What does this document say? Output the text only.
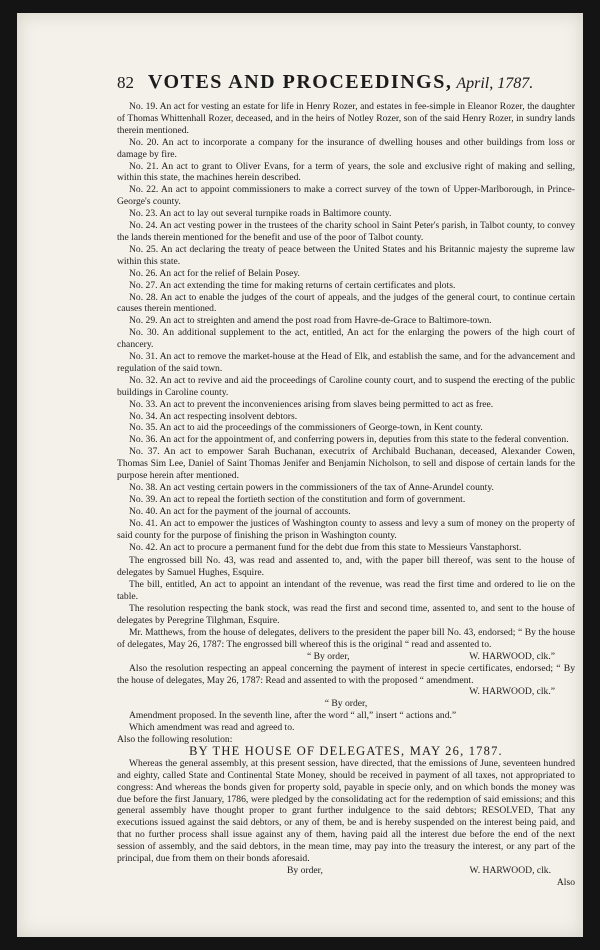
82 VOTES AND PROCEEDINGS, April, 1787.

No. 19. An act for vesting an estate for life in Henry Rozer, and estates in fee-simple in Eleanor Rozer, the daughter of Thomas Whittenhall Rozer, deceased, and in the heirs of Notley Rozer, son of the said Henry Rozer, in sundry lands therein mentioned.

No. 20. An act to incorporate a company for the insurance of dwelling houses and other buildings from loss or damage by fire.

No. 21. An act to grant to Oliver Evans, for a term of years, the sole and exclusive right of making and selling, within this state, the machines herein described.

No. 22. An act to appoint commissioners to make a correct survey of the town of Upper-Marlborough, in Prince-George's county.

No. 23. An act to lay out several turnpike roads in Baltimore county.

No. 24. An act vesting power in the trustees of the charity school in Saint Peter's parish, in Talbot county, to convey the lands therein mentioned for the benefit and use of the poor of Talbot county.

No. 25. An act declaring the treaty of peace between the United States and his Britannic majesty the supreme law within this state.

No. 26. An act for the relief of Belain Posey.

No. 27. An act extending the time for making returns of certain certificates and plots.

No. 28. An act to enable the judges of the court of appeals, and the judges of the general court, to continue certain causes therein mentioned.

No. 29. An act to streighten and amend the post road from Havre-de-Grace to Baltimore-town.

No. 30. An additional supplement to the act, entitled, An act for the enlarging the powers of the high court of chancery.

No. 31. An act to remove the market-house at the Head of Elk, and establish the same, and for the advancement and regulation of the said town.

No. 32. An act to revive and aid the proceedings of Caroline county court, and to suspend the erecting of the public buildings in Caroline county.

No. 33. An act to prevent the inconveniences arising from slaves being permitted to act as free.

No. 34. An act respecting insolvent debtors.

No. 35. An act to aid the proceedings of the commissioners of George-town, in Kent county.

No. 36. An act for the appointment of, and conferring powers in, deputies from this state to the federal convention.

No. 37. An act to empower Sarah Buchanan, executrix of Archibald Buchanan, deceased, Alexander Cowen, Thomas Sim Lee, Daniel of Saint Thomas Jenifer and Benjamin Nicholson, to sell and dispose of certain lands for the purpose herein after mentioned.

No. 38. An act vesting certain powers in the commissioners of the tax of Anne-Arundel county.

No. 39. An act to repeal the fortieth section of the constitution and form of government.

No. 40. An act for the payment of the journal of accounts.

No. 41. An act to empower the justices of Washington county to assess and levy a sum of money on the property of said county for the purpose of finishing the prison in Washington county.

No. 42. An act to procure a permanent fund for the debt due from this state to Messieurs Vanstaphorst.

The engrossed bill No. 43, was read and assented to, and, with the paper bill thereof, was sent to the house of delegates by Samuel Hughes, Esquire.

The bill, entitled, An act to appoint an intendant of the revenue, was read the first time and ordered to lie on the table.

The resolution respecting the bank stock, was read the first and second time, assented to, and sent to the house of delegates by Peregrine Tilghman, Esquire.

Mr. Matthews, from the house of delegates, delivers to the president the paper bill No. 43, endorsed; “ By the house of delegates, May 26, 1787: The engrossed bill whereof this is the original “ read and assented to.

“ By order,	W. HARWOOD, clk.”

Also the resolution respecting an appeal concerning the payment of interest in specie certificates, endorsed; “ By the house of delegates, May 26, 1787: Read and assented to with the proposed “ amendment.

W. HARWOOD, clk.”

“ By order,

Amendment proposed. In the seventh line, after the word “ all,” insert “ actions and.”

Which amendment was read and agreed to.

Also the following resolution:

BY THE HOUSE OF DELEGATES, MAY 26, 1787.

Whereas the general assembly, at this present session, have directed, that the emissions of June, seventeen hundred and eighty, called State and Continental State Money, should be received in payment of all taxes, not appropriated to congress: And whereas the bonds given for property sold, payable in specie only, and on which bonds the money was due before the first January, 1786, were pledged by the consolidating act for the redemption of said emissions; and this general assembly have thought proper to grant further indulgence to the said debtors; RESOLVED, That any executions issued against the said debtors, or any of them, be and is hereby suspended on the interest being paid, and that no further process shall issue against any of them, having paid all the interest due before the end of the next session of assembly, and the said debtors, in the mean time, may pay into the treasury the interest, or any part of the principal, due from them on their bonds aforesaid.

By order,	W. HARWOOD, clk.

Also
